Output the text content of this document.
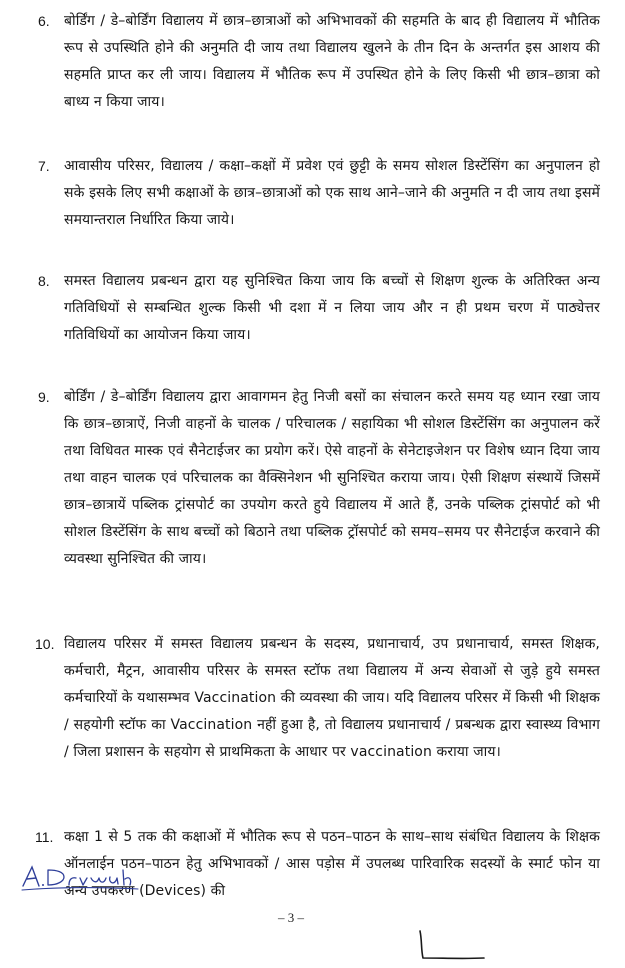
6.	बोर्डिंग / डे–बोर्डिंग विद्यालय में छात्र–छात्राओं को अभिभावकों की सहमति के बाद ही विद्यालय में भौतिक रूप से उपस्थिति होने की अनुमति दी जाय तथा विद्यालय खुलने के तीन दिन के अन्तर्गत इस आशय की सहमति प्राप्त कर ली जाय। विद्यालय में भौतिक रूप में उपस्थित होने के लिए किसी भी छात्र–छात्रा को बाध्य न किया जाय।
7.	आवासीय परिसर, विद्यालय / कक्षा–कक्षों में प्रवेश एवं छुट्टी के समय सोशल डिस्टेंसिंग का अनुपालन हो सके इसके लिए सभी कक्षाओं के छात्र–छात्राओं को एक साथ आने–जाने की अनुमति न दी जाय तथा इसमें समयान्तराल निर्धारित किया जाये।
8.	समस्त विद्यालय प्रबन्धन द्वारा यह सुनिश्चित किया जाय कि बच्चों से शिक्षण शुल्क के अतिरिक्त अन्य गतिविधियों से सम्बन्धित शुल्क किसी भी दशा में न लिया जाय और न ही प्रथम चरण में पाठ्येत्तर गतिविधियों का आयोजन किया जाय।
9.	बोर्डिंग / डे–बोर्डिंग विद्यालय द्वारा आवागमन हेतु निजी बसों का संचालन करते समय यह ध्यान रखा जाय कि छात्र–छात्राऐं, निजी वाहनों के चालक / परिचालक / सहायिका भी सोशल डिस्टेंसिंग का अनुपालन करें तथा विधिवत मास्क एवं सैनेटाईजर का प्रयोग करें। ऐसे वाहनों के सेनेटाइजेशन पर विशेष ध्यान दिया जाय तथा वाहन चालक एवं परिचालक का वैक्सिनेशन भी सुनिश्चित कराया जाय। ऐसी शिक्षण संस्थायें जिसमें छात्र–छात्रायें पब्लिक ट्रांसपोर्ट का उपयोग करते हुये विद्यालय में आते हैं, उनके पब्लिक ट्रांसपोर्ट को भी सोशल डिस्टेंसिंग के साथ बच्चों को बिठाने तथा पब्लिक ट्रॉसपोर्ट को समय–समय पर सैनेटाईज करवाने की व्यवस्था सुनिश्चित की जाय।
10. विद्यालय परिसर में समस्त विद्यालय प्रबन्धन के सदस्य, प्रधानाचार्य, उप प्रधानाचार्य, समस्त शिक्षक, कर्मचारी, मैट्रन, आवासीय परिसर के समस्त स्टॉफ तथा विद्यालय में अन्य सेवाओं से जुड़े हुये समस्त कर्मचारियों के यथासम्भव Vaccination की व्यवस्था की जाय। यदि विद्यालय परिसर में किसी भी शिक्षक / सहयोगी स्टॉफ का Vaccination नहीं हुआ है, तो विद्यालय प्रधानाचार्य / प्रबन्धक द्वारा स्वास्थ्य विभाग / जिला प्रशासन के सहयोग से प्राथमिकता के आधार पर vaccination कराया जाय।
11. कक्षा 1 से 5 तक की कक्षाओं में भौतिक रूप से पठन–पाठन के साथ–साथ संबंधित विद्यालय के शिक्षक ऑनलाईन पठन–पाठन हेतु अभिभावकों / आस पड़ोस में उपलब्ध पारिवारिक सदस्यों के स्मार्ट फोन या अन्य उपकरण (Devices) की
– 3 –
